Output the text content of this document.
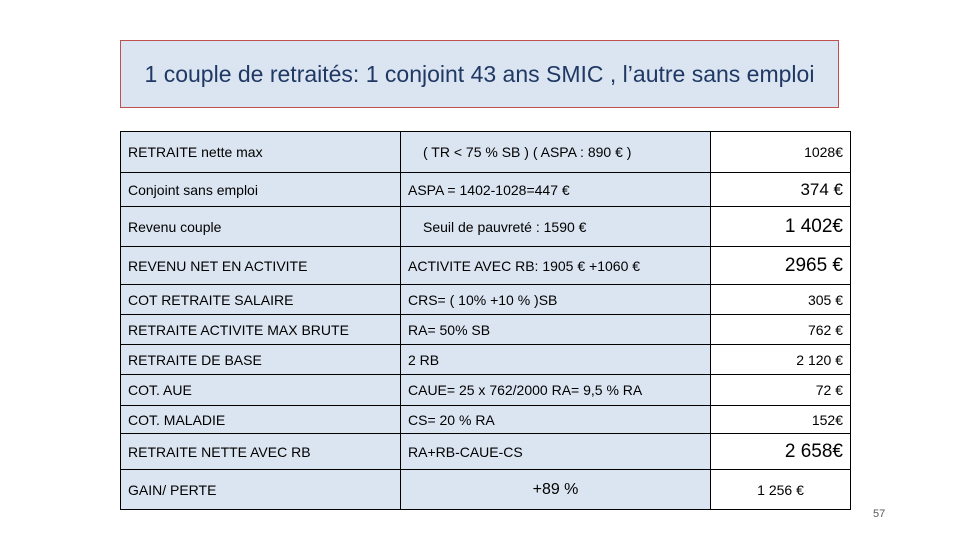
1 couple de retraités: 1 conjoint 43 ans SMIC , l’autre sans emploi
RETRAITE nette max	( TR < 75 % SB ) ( ASPA : 890 € )	1028€
Conjoint sans emploi	ASPA = 1402-1028=447 €	374 €
Revenu couple	Seuil de pauvreté : 1590 €	1 402€
REVENU NET EN ACTIVITE	ACTIVITE AVEC RB: 1905 € +1060 €	2965 €
COT RETRAITE SALAIRE	CRS= ( 10% +10 % )SB	305 €
RETRAITE ACTIVITE MAX BRUTE	RA= 50% SB	762 €
RETRAITE DE BASE	2 RB	2 120 €
COT. AUE	CAUE= 25 x 762/2000 RA= 9,5 % RA	72 €
COT. MALADIE	CS= 20 % RA	152€
RETRAITE NETTE AVEC RB	RA+RB-CAUE-CS	2 658€
GAIN/ PERTE	+89 %	1 256 €
57
